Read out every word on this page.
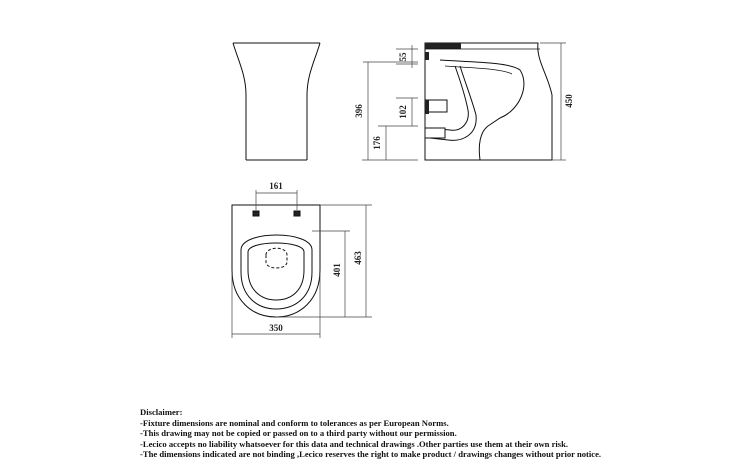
55
396	102
176
450
161
401
463
350
Disclaimer:
-Fixture dimensions are nominal and conform to tolerances as per European Norms.
-This drawing may not be copied or passed on to a third party without our permission.
-Lecico accepts no liability whatsoever for this data and technical drawings .Other parties use them at their own risk.
-The dimensions indicated are not binding ,Lecico reserves the right to make product / drawings changes without prior notice.
